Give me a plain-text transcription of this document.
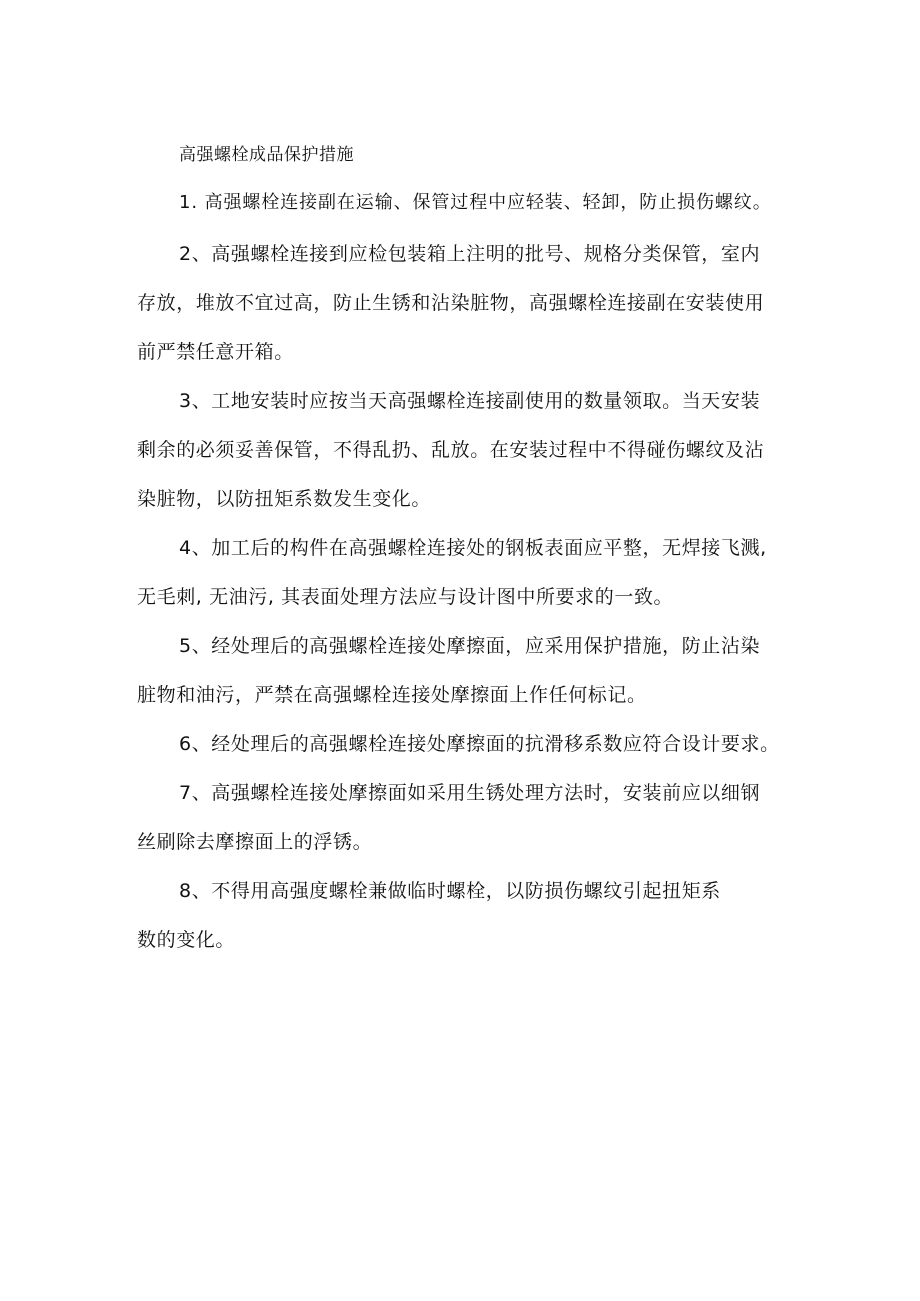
1. 高强螺栓连接副在运输、保管过程中应轻装、轻卸，防止损伤螺纹。
高强螺栓成品保护措施
2、高强螺栓连接到应检包装箱上注明的批号、规格分类保管，室内
存放，堆放不宜过高，防止生锈和沾染脏物，高强螺栓连接副在安装使用
前严禁任意开箱。
3、工地安装时应按当天高强螺栓连接副使用的数量领取。当天安装
剩余的必须妥善保管，不得乱扔、乱放。在安装过程中不得碰伤螺纹及沾
染脏物，以防扭矩系数发生变化。
4、加工后的构件在高强螺栓连接处的钢板表面应平整，无焊接飞溅,
无毛刺, 无油污, 其表面处理方法应与设计图中所要求的一致。
5、经处理后的高强螺栓连接处摩擦面，应采用保护措施，防止沾染
脏物和油污，严禁在高强螺栓连接处摩擦面上作任何标记。
6、经处理后的高强螺栓连接处摩擦面的抗滑移系数应符合设计要求。
7、高强螺栓连接处摩擦面如采用生锈处理方法时，安装前应以细钢
丝刷除去摩擦面上的浮锈。
8、不得用高强度螺栓兼做临时螺栓，以防损伤螺纹引起扭矩系
数的变化。
